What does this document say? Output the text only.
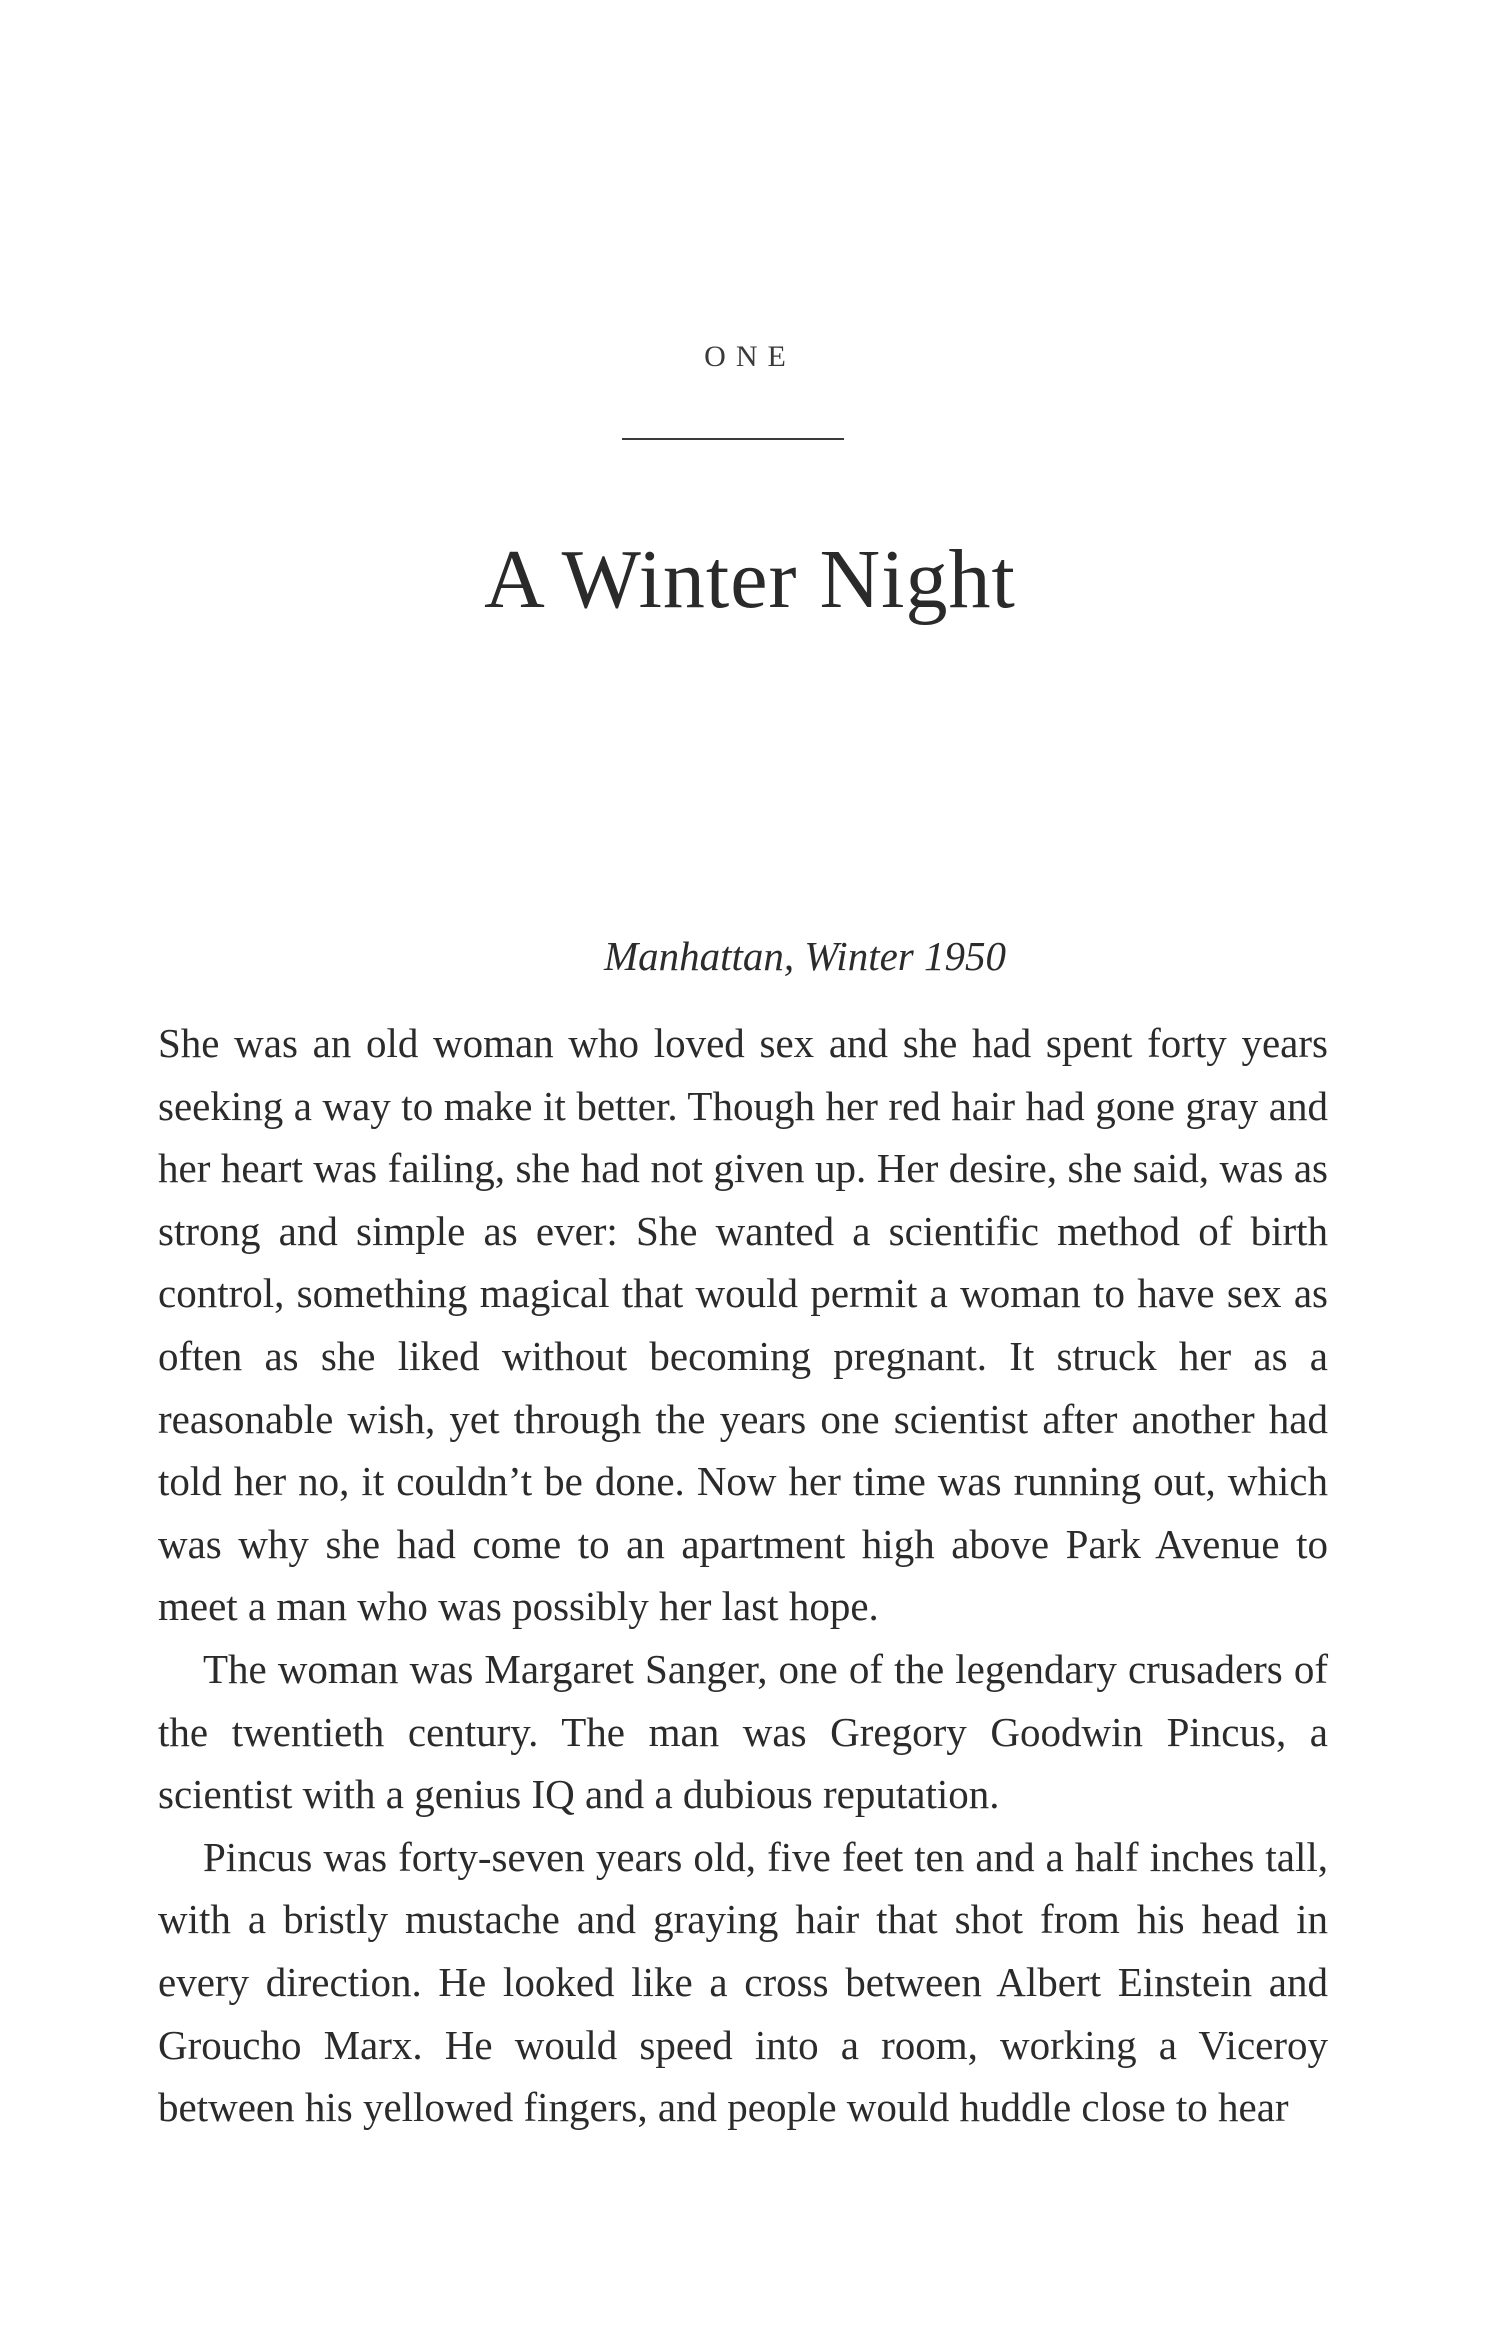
ONE
A Winter Night
Manhattan, Winter 1950

She was an old woman who loved sex and she had spent forty years seeking a way to make it better. Though her red hair had gone gray and her heart was failing, she had not given up. Her desire, she said, was as strong and simple as ever: She wanted a scientific method of birth control, something magical that would permit a woman to have sex as often as she liked without becoming pregnant. It struck her as a reasonable wish, yet through the years one scientist after another had told her no, it couldn’t be done. Now her time was running out, which was why she had come to an apartment high above Park Avenue to meet a man who was possibly her last hope.

The woman was Margaret Sanger, one of the legendary crusaders of the twentieth century. The man was Gregory Goodwin Pincus, a scientist with a genius IQ and a dubious reputation.

Pincus was forty-seven years old, five feet ten and a half inches tall, with a bristly mustache and graying hair that shot from his head in every direction. He looked like a cross between Albert Einstein and Groucho Marx. He would speed into a room, working a Viceroy between his yellowed fingers, and people would huddle close to hear
